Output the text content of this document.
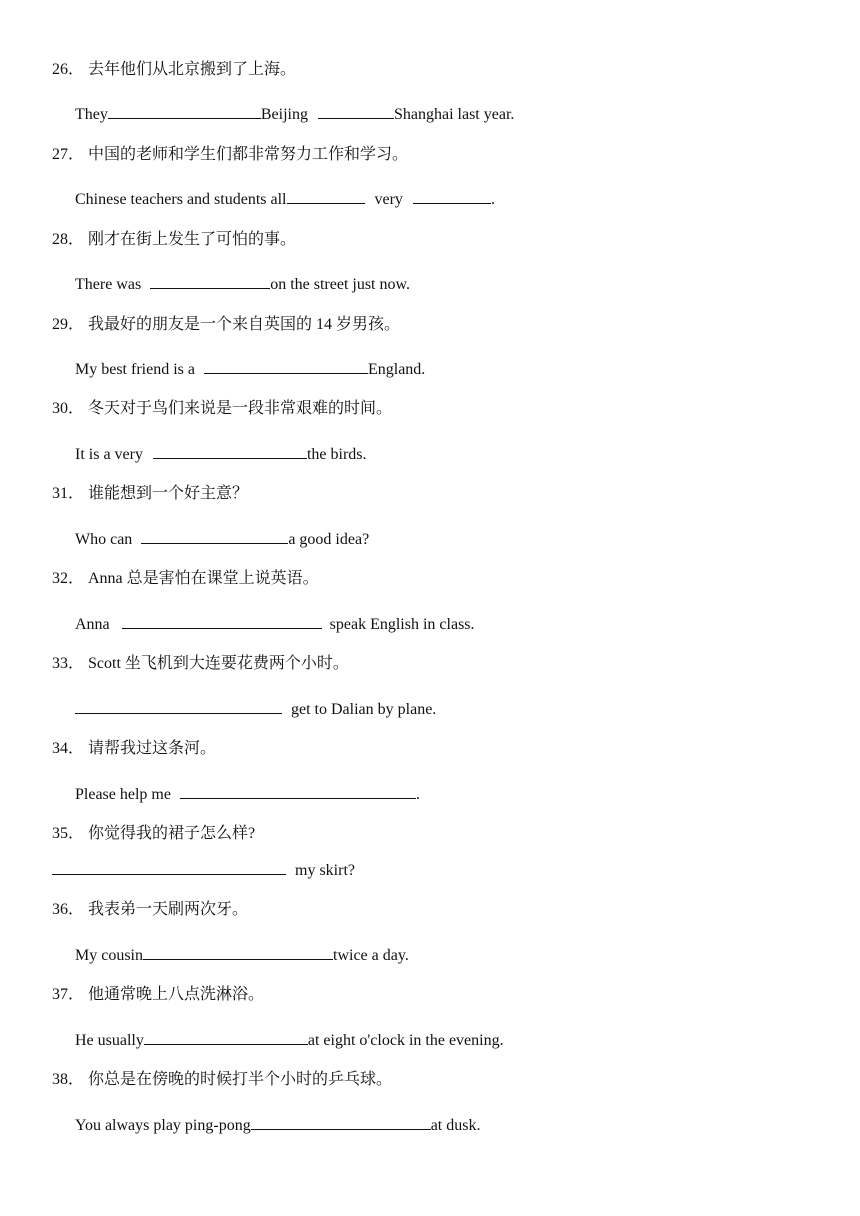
26． 去年他们从北京搬到了上海。
They	Beijing	Shanghai last year.
27． 中国的老师和学生们都非常努力工作和学习。
Chinese teachers and students all	very	.
28． 刚才在街上发生了可怕的事。
There was	on the street just now.
29． 我最好的朋友是一个来自英国的 14 岁男孩。
My best friend is a	England.
30． 冬天对于鸟们来说是一段非常艰难的时间。
It is a very	the birds.
31． 谁能想到一个好主意？
Who can	a good idea?
32． Anna 总是害怕在课堂上说英语。
Anna	speak English in class.
33． Scott 坐飞机到大连要花费两个小时。
get to Dalian by plane.
34． 请帮我过这条河。
Please help me	.
35． 你觉得我的裙子怎么样?
my skirt?
36． 我表弟一天刷两次牙。
My cousin	twice a day.
37． 他通常晚上八点洗淋浴。
He usually	at eight o'clock in the evening.
38． 你总是在傍晚的时候打半个小时的乒乓球。
You always play ping-pong	at dusk.
